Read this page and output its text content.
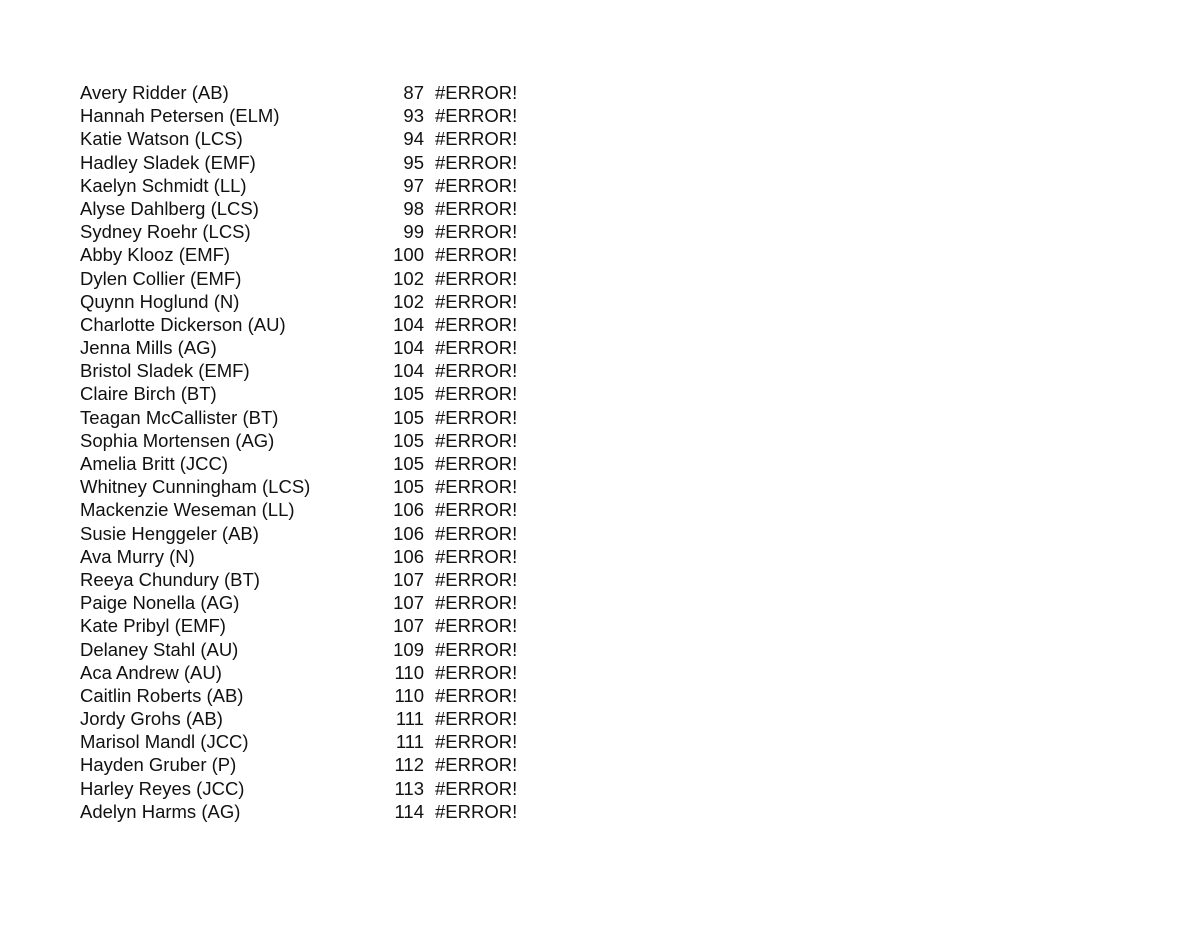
Avery Ridder (AB)	87 #ERROR!
Hannah Petersen (ELM)	93 #ERROR!
Katie Watson (LCS)	94 #ERROR!
Hadley Sladek (EMF)	95 #ERROR!
Kaelyn Schmidt (LL)	97 #ERROR!
Alyse Dahlberg (LCS)	98 #ERROR!
Sydney Roehr (LCS)	99 #ERROR!
Abby Klooz (EMF)	100 #ERROR!
Dylen Collier (EMF)	102 #ERROR!
Quynn Hoglund (N)	102 #ERROR!
Charlotte Dickerson (AU)	104 #ERROR!
Jenna Mills (AG)	104 #ERROR!
Bristol Sladek (EMF)	104 #ERROR!
Claire Birch (BT)	105 #ERROR!
Teagan McCallister (BT)	105 #ERROR!
Sophia Mortensen (AG)	105 #ERROR!
Amelia Britt (JCC)	105 #ERROR!
Whitney Cunningham (LCS)	105 #ERROR!
Mackenzie Weseman (LL)	106 #ERROR!
Susie Henggeler (AB)	106 #ERROR!
Ava Murry (N)	106 #ERROR!
Reeya Chundury (BT)	107 #ERROR!
Paige Nonella (AG)	107 #ERROR!
Kate Pribyl (EMF)	107 #ERROR!
Delaney Stahl (AU)	109 #ERROR!
Aca Andrew (AU)	110 #ERROR!
Caitlin Roberts (AB)	110 #ERROR!
Jordy Grohs (AB)	111 #ERROR!
Marisol Mandl (JCC)	111 #ERROR!
Hayden Gruber (P)	112 #ERROR!
Harley Reyes (JCC)	113 #ERROR!
Adelyn Harms (AG)	114 #ERROR!
